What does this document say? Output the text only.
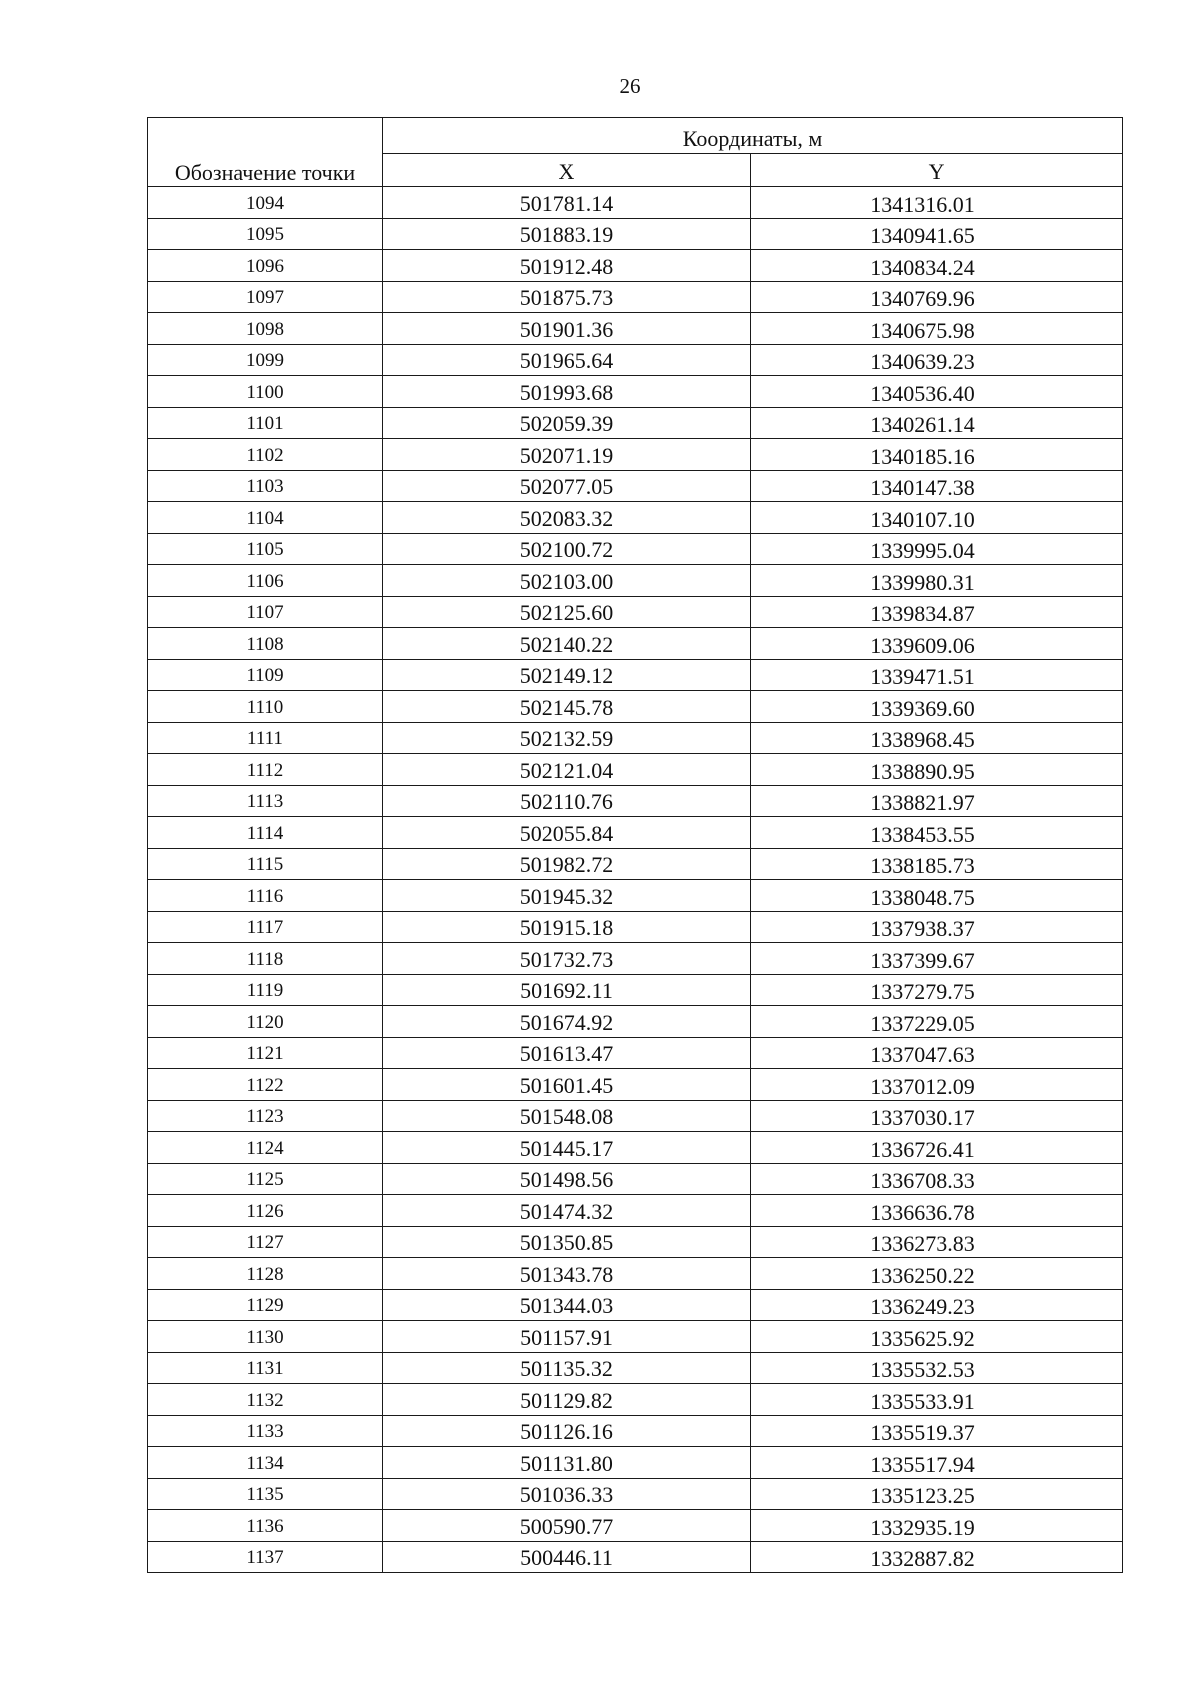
26
Обозначение точки	Координаты, м	
	X	Y
1094	501781.14	1341316.01
1095	501883.19	1340941.65
1096	501912.48	1340834.24
1097	501875.73	1340769.96
1098	501901.36	1340675.98
1099	501965.64	1340639.23
1100	501993.68	1340536.40
1101	502059.39	1340261.14
1102	502071.19	1340185.16
1103	502077.05	1340147.38
1104	502083.32	1340107.10
1105	502100.72	1339995.04
1106	502103.00	1339980.31
1107	502125.60	1339834.87
1108	502140.22	1339609.06
1109	502149.12	1339471.51
1110	502145.78	1339369.60
1111	502132.59	1338968.45
1112	502121.04	1338890.95
1113	502110.76	1338821.97
1114	502055.84	1338453.55
1115	501982.72	1338185.73
1116	501945.32	1338048.75
1117	501915.18	1337938.37
1118	501732.73	1337399.67
1119	501692.11	1337279.75
1120	501674.92	1337229.05
1121	501613.47	1337047.63
1122	501601.45	1337012.09
1123	501548.08	1337030.17
1124	501445.17	1336726.41
1125	501498.56	1336708.33
1126	501474.32	1336636.78
1127	501350.85	1336273.83
1128	501343.78	1336250.22
1129	501344.03	1336249.23
1130	501157.91	1335625.92
1131	501135.32	1335532.53
1132	501129.82	1335533.91
1133	501126.16	1335519.37
1134	501131.80	1335517.94
1135	501036.33	1335123.25
1136	500590.77	1332935.19
1137	500446.11	1332887.82
